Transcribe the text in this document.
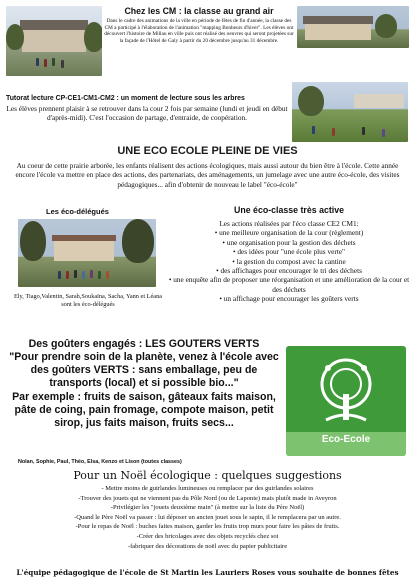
Chez les CM : la classe au grand air

Dans le cadre des animations de la ville en période de fêtes de fin d'année, la classe des CM a participé à l'élaboration de l'animation "mapping Bonheurs d'hiver". Les élèves ont découvert l'histoire de Millau en ville puis ont réalisé des oeuvres qui seront projetées sur la façade de l'Hôtel de Galy à partir du 20 décembre jusqu'au 31 décembre.

Tutorat lecture CP-CE1-CM1-CM2 : un moment de lecture sous les arbres

Les élèves prennent plaisir à se retrouver dans la cour 2 fois par semaine (lundi et jeudi en début d'après-midi). C'est l'occasion de partage, d'entraide, de coopération.

UNE ECO ECOLE PLEINE DE VIES

Au coeur de cette prairie arborée, les enfants réalisent des actions écologiques, mais aussi autour du bien être à l'école. Cette année encore l'école va mettre en place des actions, des partenariats, des aménagements, un jumelage avec une autre éco-école, des visites pédagogiques... afin d'obtenir de nouveau le label "éco-école"

Les éco-délégués

Ely, Tiago,Valentin, Sarah,Soukaïna, Sacha, Yann et Léana sont les éco-délégués

Une éco-classe très active

Les actions réalisées par l'éco classe CE2 CM1:

• une meilleure organisation de la cour (règlement)

• une organisation pour la gestion des déchets

• des idées pour "une école plus verte"

• la gestion du compost avec la cantine

• des affichages pour encourager le tri des déchets

• une enquête afin de proposer une réorganisation et une amélioration de la cour et des déchets

• un affichage pour encourager les goûters verts

Des goûters engagés : LES GOUTERS VERTS

"Pour prendre soin de la planète, venez à l'école avec des goûters VERTS : sans emballage, peu de transports (local) et si possible bio..."

Par exemple : fruits de saison, gâteaux faits maison, pâte de coing, pain fromage, compote maison, petit sirop, jus faits maison, fruits secs...

Nolan, Sophie, Paul, Théo, Elsa, Kenzo et Lison (toutes classes)

Eco-Ecole

Pour un Noël écologique : quelques suggestions

- Mettre moins de guirlandes lumineuses ou remplacer par des guirlandes solaires

-Trouver des jouets qui ne viennent pas du Pôle Nord (ou de Laponie) mais plutôt made in Aveyron

-Privilégier les "jouets deuxième main" (à mettre sur la liste du Père Noël)

-Quand le Père Noël va passer : lui déposer un ancien jouet sous le sapin, il le remplacera par un autre.

-Pour le repas de Noël : buches faites maison, garder les fruits trop murs pour faire les pâtes de fruits.

-Créer des bricolages avec des objets recyclés chez soi

-fabriquer des décorations de noël avec du papier publicitaire

L'équipe pédagogique de l'école de St Martin les Lauriers Roses vous souhaite de bonnes fêtes
